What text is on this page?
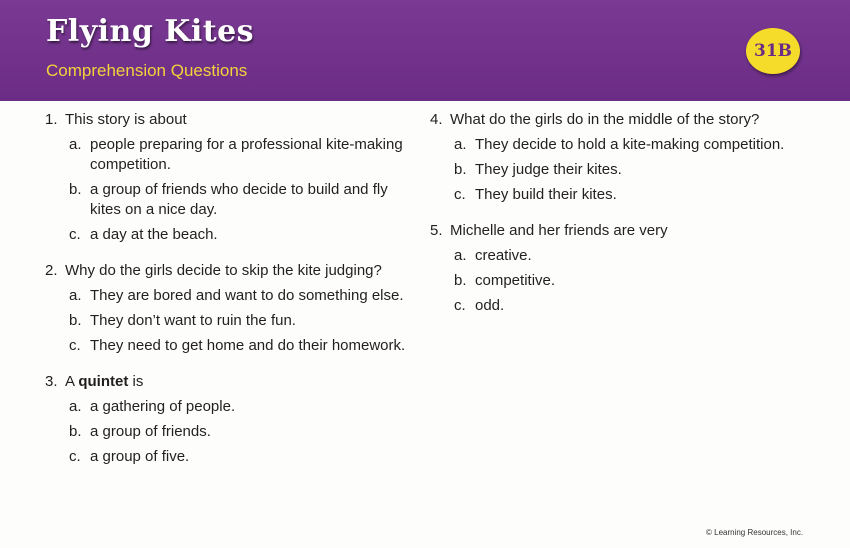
Flying Kites
Comprehension Questions
31B
1. This story is about
a. people preparing for a professional kite-making competition.
b. a group of friends who decide to build and fly kites on a nice day.
c. a day at the beach.
2. Why do the girls decide to skip the kite judging?
a. They are bored and want to do something else.
b. They don’t want to ruin the fun.
c. They need to get home and do their homework.
3. A quintet is
a. a gathering of people.
b. a group of friends.
c. a group of five.
4. What do the girls do in the middle of the story?
a. They decide to hold a kite-making competition.
b. They judge their kites.
c. They build their kites.
5. Michelle and her friends are very
a. creative.
b. competitive.
c. odd.
© Learning Resources, Inc.
